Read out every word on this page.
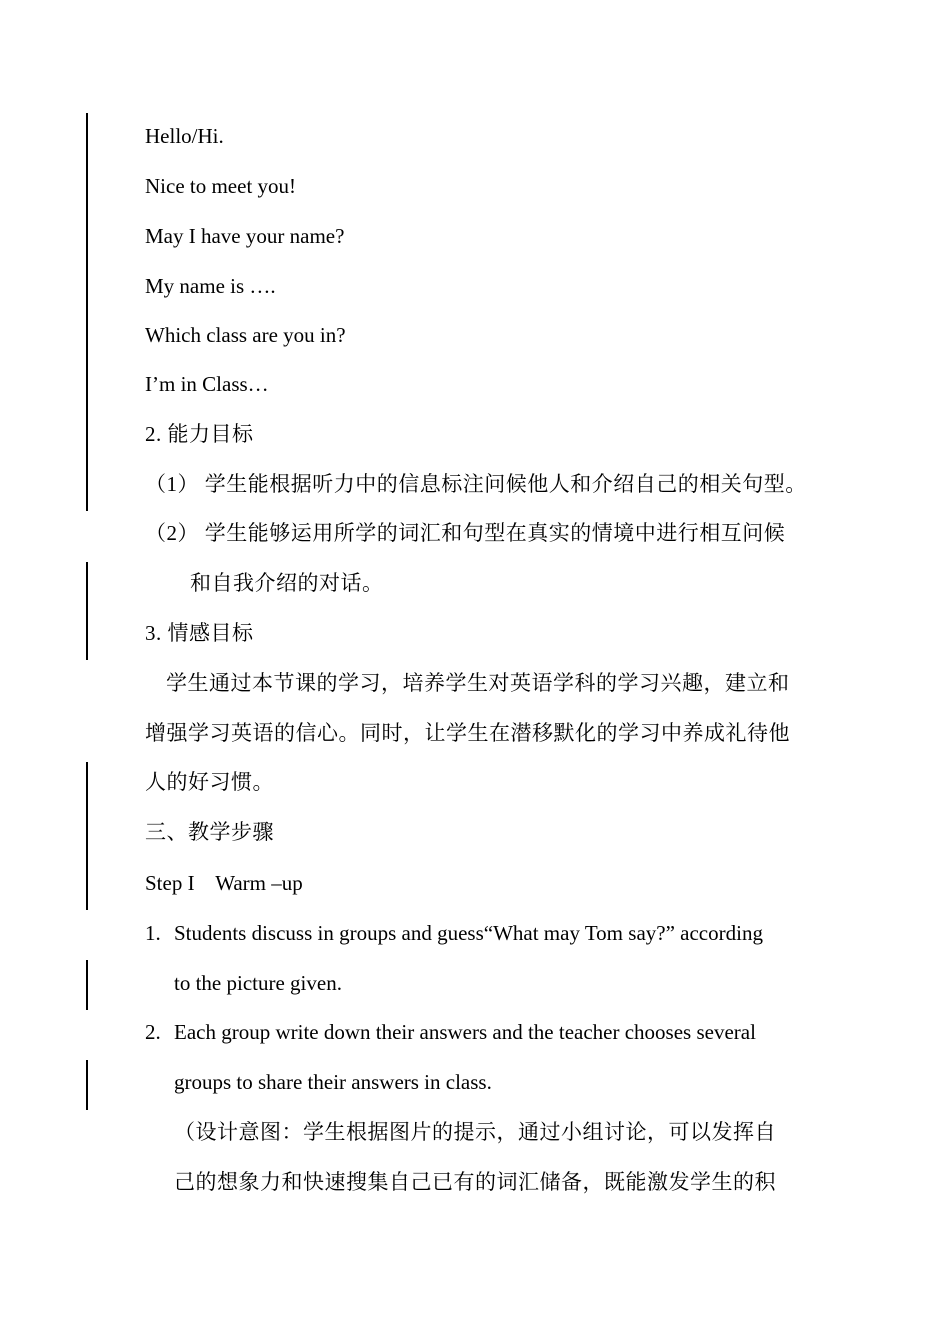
Hello/Hi.
Nice to meet you!
May I have your name?
My name is ….
Which class are you in?
I’m in Class…
2. 能力目标
（1） 学生能根据听力中的信息标注问候他人和介绍自己的相关句型。
（2） 学生能够运用所学的词汇和句型在真实的情境中进行相互问候
和自我介绍的对话。
3. 情感目标
学生通过本节课的学习，培养学生对英语学科的学习兴趣，建立和
增强学习英语的信心。同时，让学生在潜移默化的学习中养成礼待他
人的好习惯。
三、教学步骤
Step I    Warm –up
1. Students discuss in groups and guess“What may Tom say?” according
to the picture given.
2. Each group write down their answers and the teacher chooses several
groups to share their answers in class.
（设计意图：学生根据图片的提示，通过小组讨论，可以发挥自
己的想象力和快速搜集自己已有的词汇储备，既能激发学生的积
